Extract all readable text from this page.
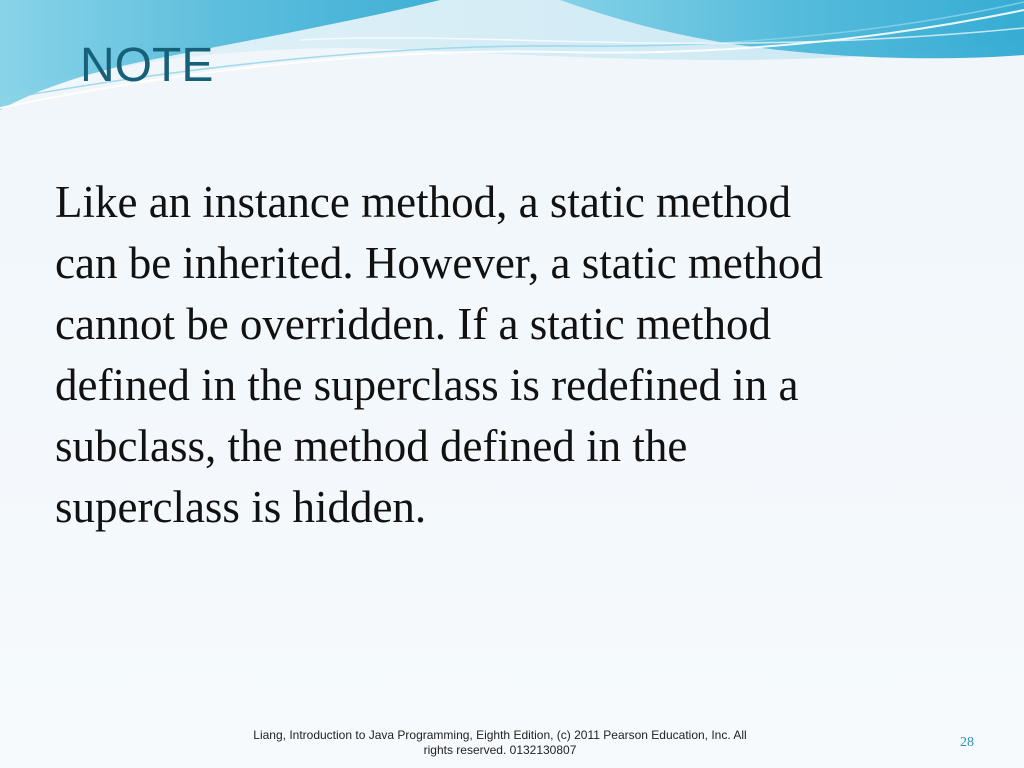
NOTE

Like an instance method, a static method
can be inherited. However, a static method
cannot be overridden. If a static method
defined in the superclass is redefined in a
subclass, the method defined in the
superclass is hidden.

Liang, Introduction to Java Programming, Eighth Edition, (c) 2011 Pearson Education, Inc. All
rights reserved. 0132130807	28
